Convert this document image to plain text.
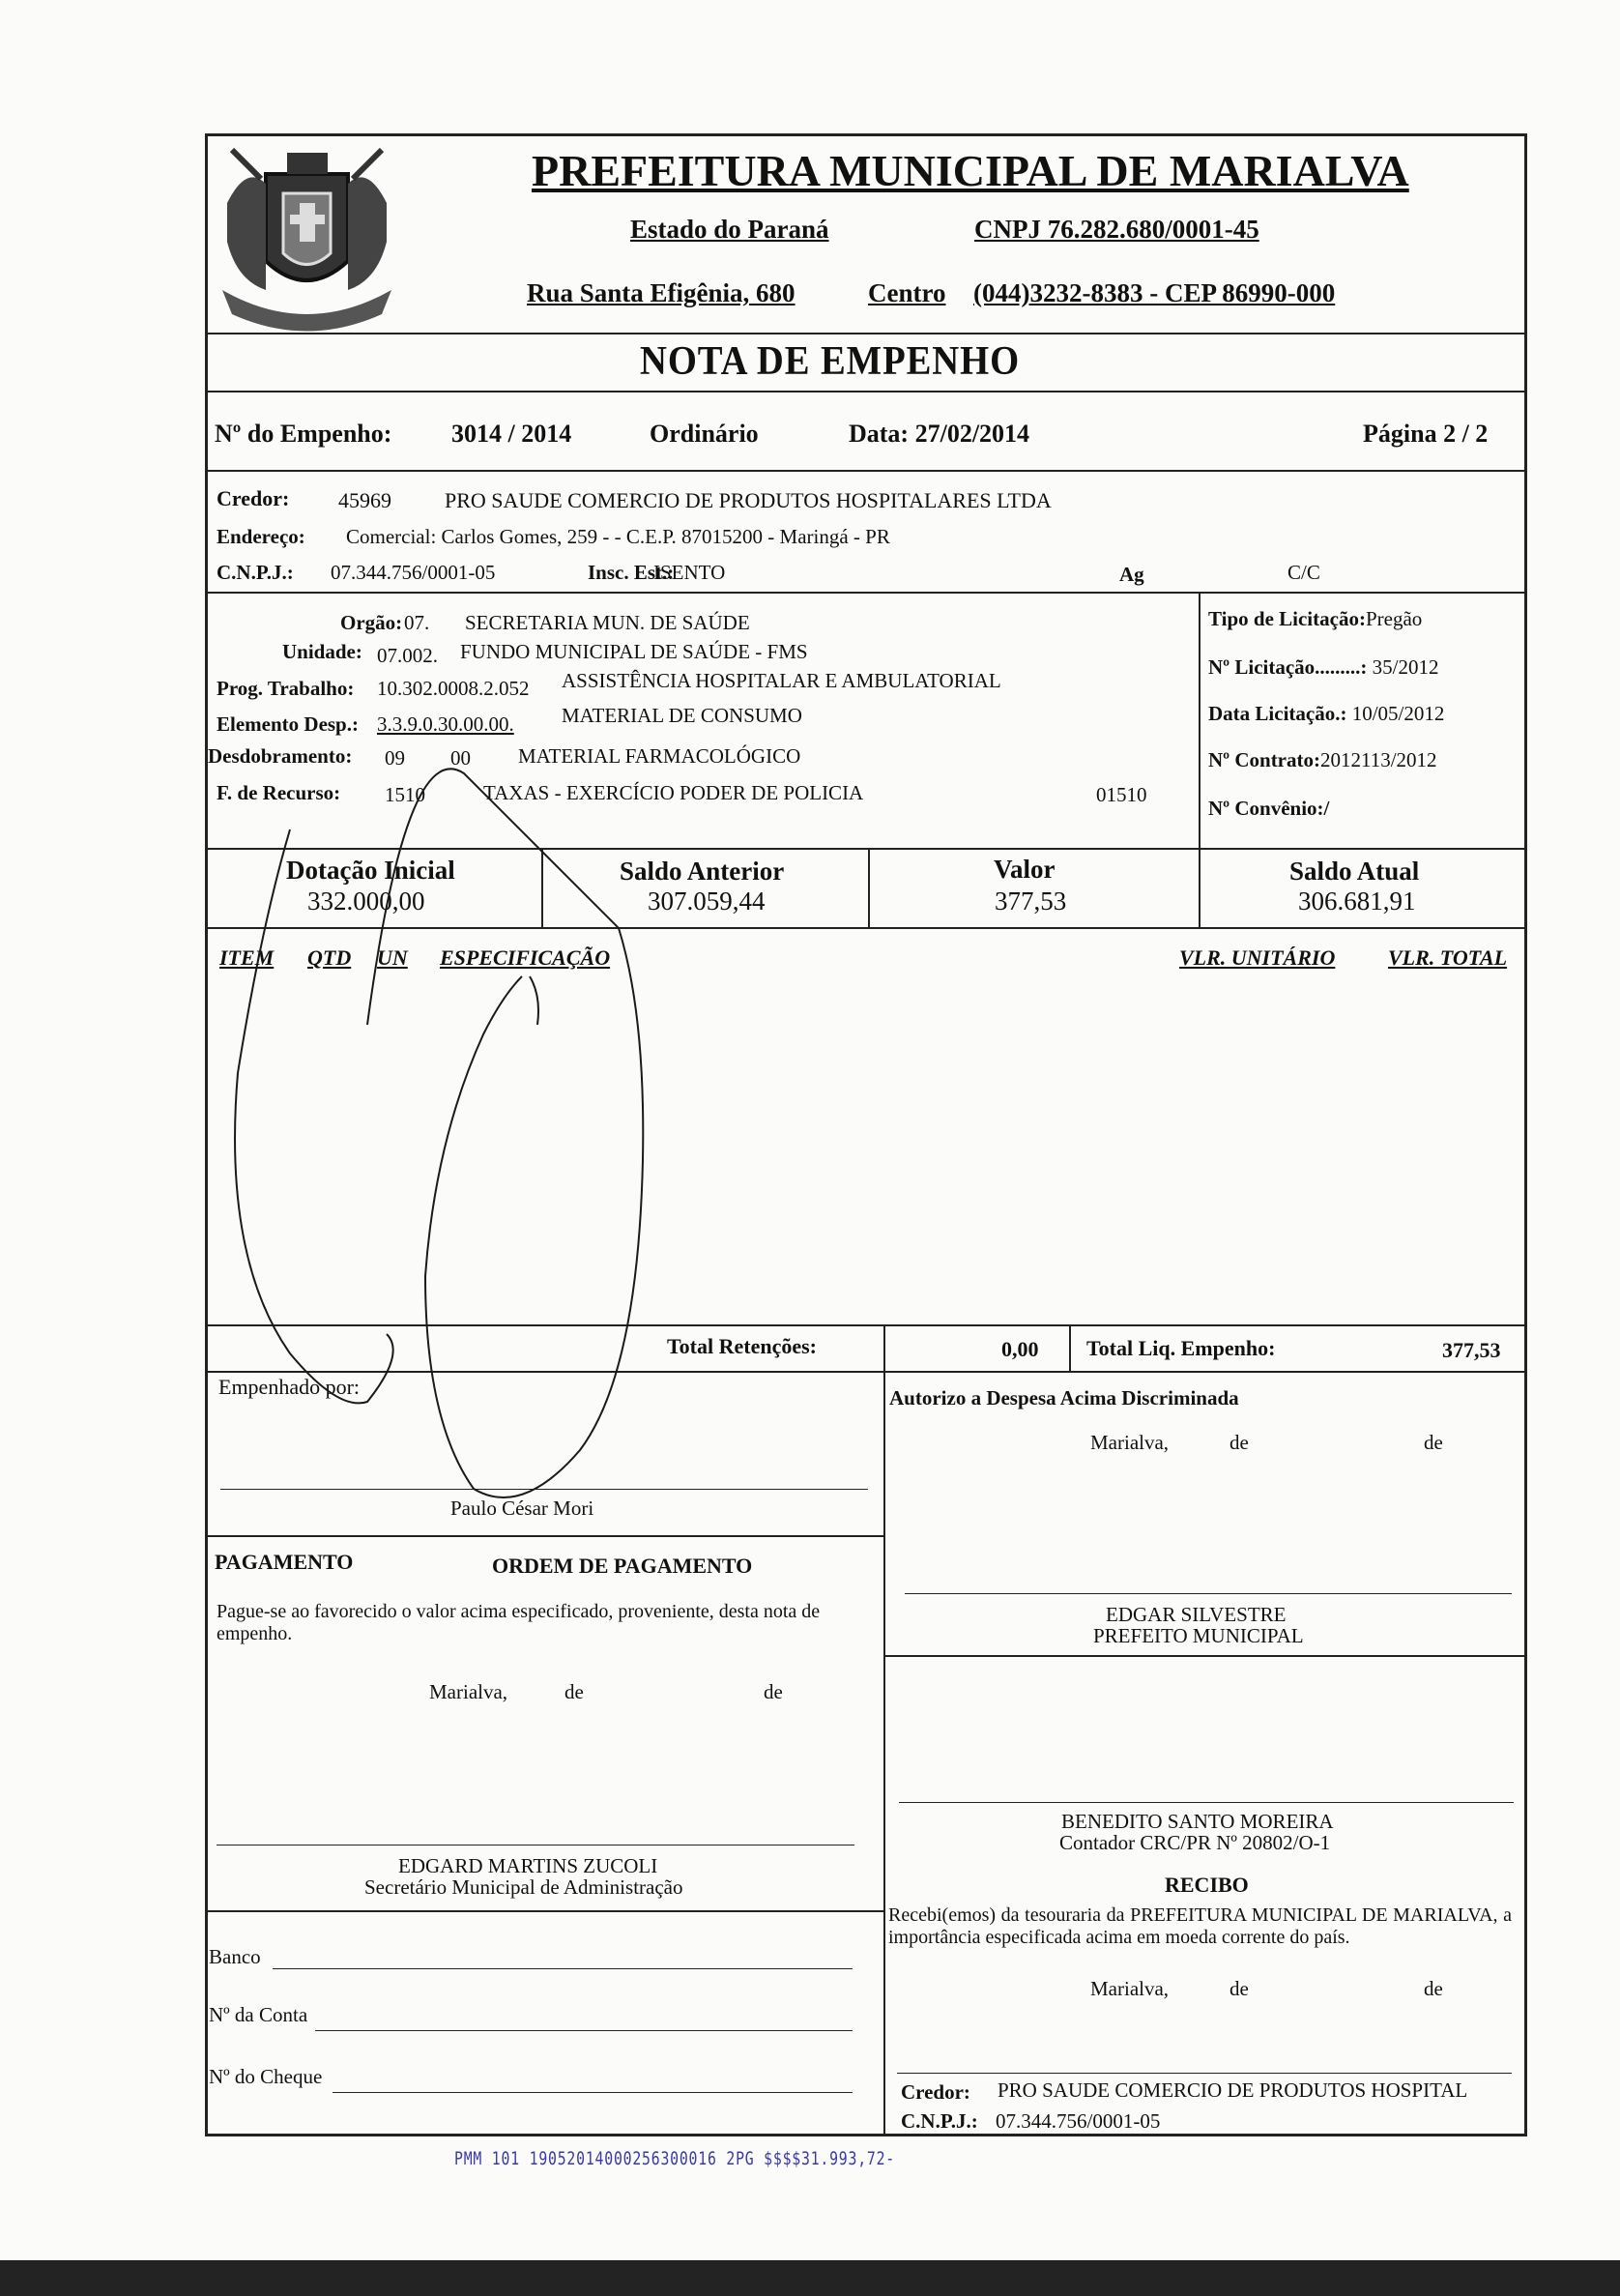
PREFEITURA MUNICIPAL DE MARIALVA
Estado do Paraná	CNPJ 76.282.680/0001-45
Rua Santa Efigênia, 680	Centro (044)3232-8383 - CEP 86990-000
NOTA DE EMPENHO
Nº do Empenho: 3014 / 2014	Ordinário	Data: 27/02/2014	Página 2 / 2
Credor: 45969	PRO SAUDE COMERCIO DE PRODUTOS HOSPITALARES LTDA
Endereço: Comercial: Carlos Gomes, 259 - - C.E.P. 87015200 - Maringá - PR
C.N.P.J.: 07.344.756/0001-05	Insc. Est.:
ISENTO	Ag	C/C
Orgão: 07. SECRETARIA MUN. DE SAÚDE
Unidade: 07.002. FUNDO MUNICIPAL DE SAÚDE - FMS
Prog. Trabalho: 10.302.0008.2.052 ASSISTÊNCIA HOSPITALAR E AMBULATORIAL
Elemento Desp.: 3.3.9.0.30.00.00. MATERIAL DE CONSUMO
Desdobramento: 09 00 MATERIAL FARMACOLÓGICO
F. de Recurso: 1510	TAXAS - EXERCÍCIO PODER DE POLICIA	01510
Tipo de Licitação:Pregão
Nº Licitação.........: 35/2012
Data Licitação.: 10/05/2012
Nº Contrato:2012113/2012
Nº Convênio:/
Dotação Inicial
332.000,00
Saldo Anterior
307.059,44
Valor
377,53
Saldo Atual
306.681,91
ITEM QTD UN ESPECIFICAÇÃO	VLR. UNITÁRIO VLR. TOTAL
Total Retenções:	0,00 Total Liq. Empenho:	377,53
Empenhado por:
Paulo César Mori
Autorizo a Despesa Acima Discriminada
Marialva,	de	de
EDGAR SILVESTRE
PREFEITO MUNICIPAL
BENEDITO SANTO MOREIRA
Contador CRC/PR Nº 20802/O-1
RECIBO
Recebi(emos) da tesouraria da PREFEITURA MUNICIPAL DE MARIALVA, a importância especificada acima em moeda corrente do país.
Marialva,	de	de
Credor: PRO SAUDE COMERCIO DE PRODUTOS HOSPITAL
C.N.P.J.: 07.344.756/0001-05
PAGAMENTO	ORDEM DE PAGAMENTO
Pague-se ao favorecido o valor acima especificado, proveniente, desta nota de empenho.
Marialva,	de	de
EDGARD MARTINS ZUCOLI
Secretário Municipal de Administração
Banco
Nº da Conta
Nº do Cheque
PMM 101 19052014000256300016 2PG $$$$31.993,72-
